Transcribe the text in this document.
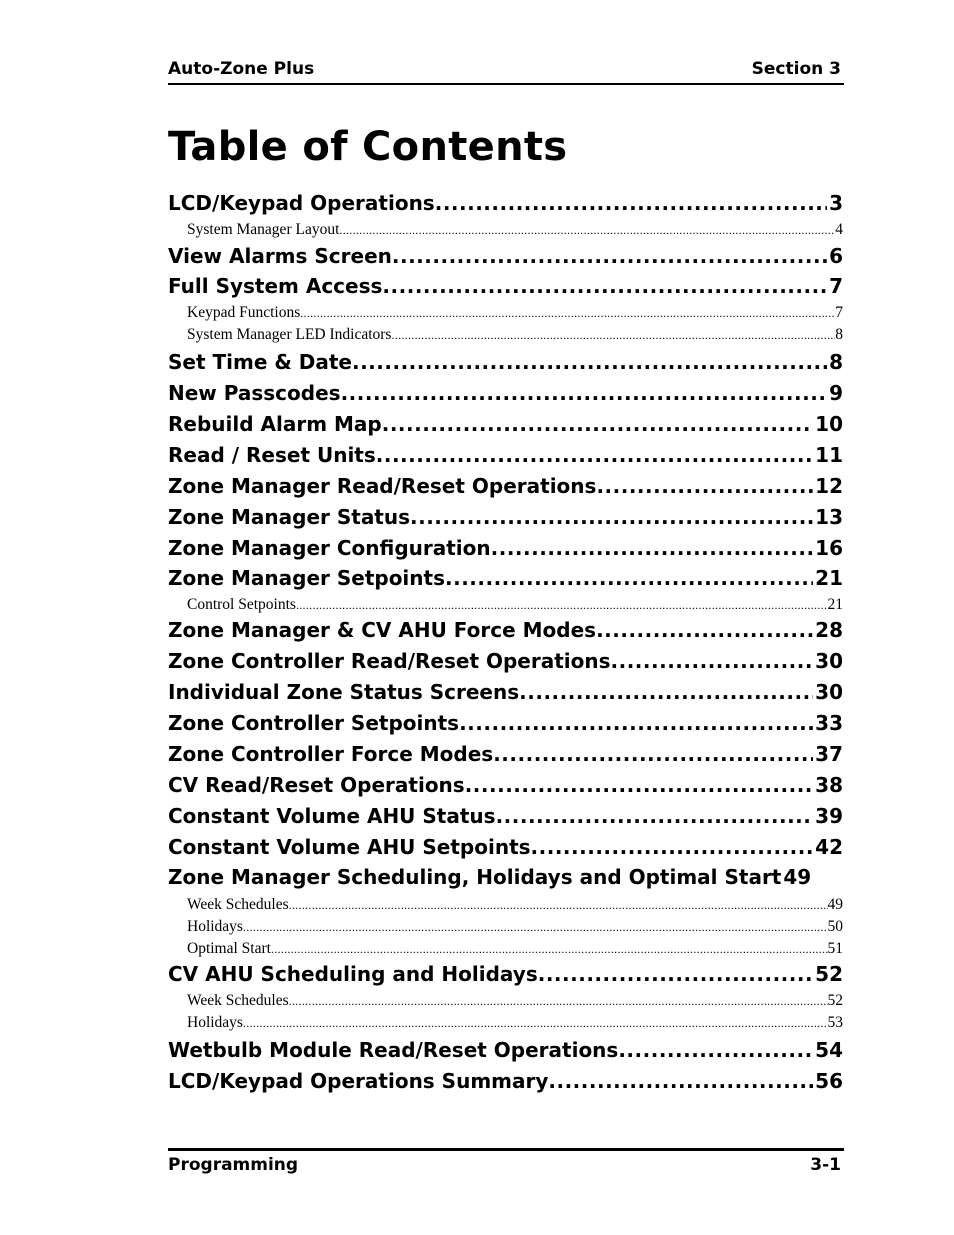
Auto-Zone Plus	Section 3
Table of Contents
LCD/Keypad Operations .....	3
System Manager Layout .....	4
View Alarms Screen .....	6
Full System Access .....	7
Keypad Functions .....	7
System Manager LED Indicators .....	8
Set Time & Date .....	8
New Passcodes .....	9
Rebuild Alarm Map .....	10
Read / Reset Units .....	11
Zone Manager Read/Reset Operations .....	12
Zone Manager Status .....	13
Zone Manager Configuration .....	16
Zone Manager Setpoints .....	21
Control Setpoints .....	21
Zone Manager & CV AHU Force Modes .....	28
Zone Controller Read/Reset Operations .....	30
Individual Zone Status Screens .....	30
Zone Controller Setpoints .....	33
Zone Controller Force Modes .....	37
CV Read/Reset Operations .....	38
Constant Volume AHU Status .....	39
Constant Volume AHU Setpoints .....	42
Zone Manager Scheduling, Holidays and Optimal Start 49
Week Schedules .....	49
Holidays .....	50
Optimal Start .....	51
CV AHU Scheduling and Holidays .....	52
Week Schedules .....	52
Holidays .....	53
Wetbulb Module Read/Reset Operations .....	54
LCD/Keypad Operations Summary .....	56
Programming	3-1
